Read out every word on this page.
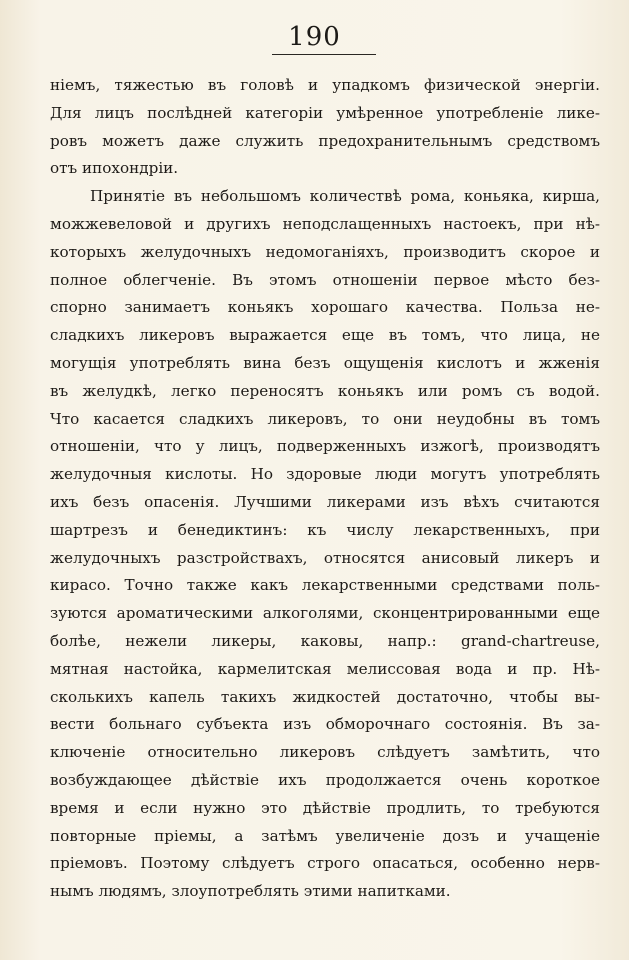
190

нiемъ, тяжестью въ головѣ и упадкомъ физической энергiи.
Для лицъ послѣдней категорiи умѣренное употребленiе лике-
ровъ можетъ даже служить предохранительнымъ средствомъ
отъ ипохондрiи.

Принятiе въ небольшомъ количествѣ рома, коньяка, кирша,
можжевеловой и другихъ неподслащенныхъ настоекъ, при нѣ-
которыхъ желудочныхъ недомоганiяхъ, производитъ скорое и
полное облегченiе. Въ этомъ отношенiи первое мѣсто без-
спорно занимаетъ коньякъ хорошаго качества. Польза не-
сладкихъ ликеровъ выражается еще въ томъ, что лица, не
могущiя употреблять вина безъ ощущенiя кислотъ и жженiя
въ желудкѣ, легко переносятъ коньякъ или ромъ съ водой.
Что касается сладкихъ ликеровъ, то они неудобны въ томъ
отношенiи, что у лицъ, подверженныхъ изжогѣ, производятъ
желудочныя кислоты. Но здоровые люди могутъ употреблять
ихъ безъ опасенiя. Лучшими ликерами изъ вѣхъ считаются
шартрезъ и бенедиктинъ: къ числу лекарственныхъ, при
желудочныхъ разстройствахъ, относятся анисовый ликеръ и
кирасо. Точно также какъ лекарственными средствами поль-
зуются ароматическими алкоголями, сконцентрированными еще
болѣе, нежели ликеры, каковы, напр.: grand-chartreuse,
мятная настойка, кармелитская мелиссовая вода и пр. Нѣ-
сколькихъ капель такихъ жидкостей достаточно, чтобы вы-
вести больнаго субъекта изъ обморочнаго состоянiя. Въ за-
ключенiе относительно ликеровъ слѣдуетъ замѣтить, что
возбуждающее дѣйствiе ихъ продолжается очень короткое
время и если нужно это дѣйствiе продлить, то требуются
повторные прiемы, а затѣмъ увеличенiе дозъ и учащенiе
прiемовъ. Поэтому слѣдуетъ строго опасаться, особенно нерв-
нымъ людямъ, злоупотреблять этими напитками.
